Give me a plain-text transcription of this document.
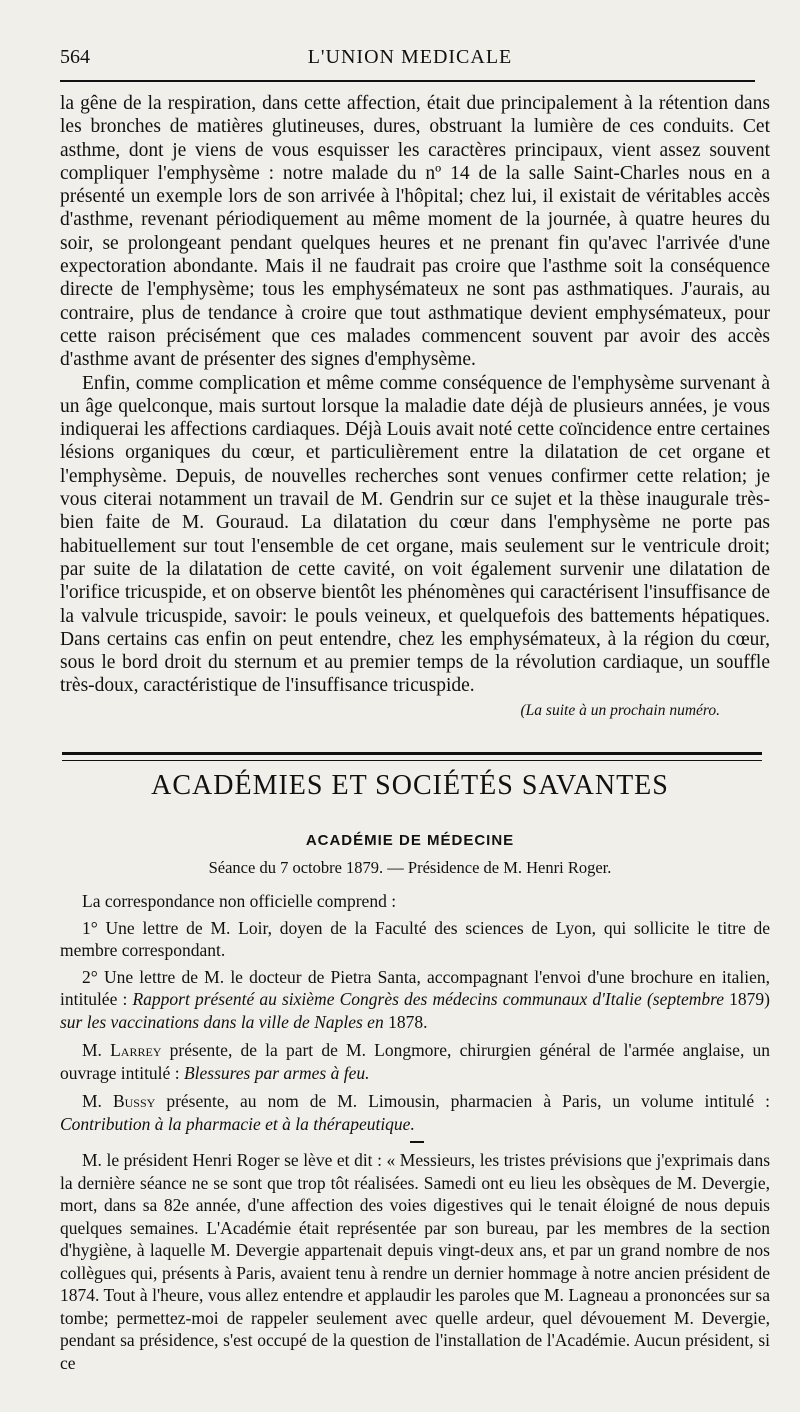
564	L'UNION MEDICALE

la gêne de la respiration, dans cette affection, était due principalement à la rétention dans les bronches de matières glutineuses, dures, obstruant la lumière de ces conduits. Cet asthme, dont je viens de vous esquisser les caractères principaux, vient assez souvent compliquer l'emphysème : notre malade du nº 14 de la salle Saint-Charles nous en a présenté un exemple lors de son arrivée à l'hôpital; chez lui, il existait de véritables accès d'asthme, revenant périodiquement au même moment de la journée, à quatre heures du soir, se prolongeant pendant quelques heures et ne prenant fin qu'avec l'arrivée d'une expectoration abondante. Mais il ne faudrait pas croire que l'asthme soit la conséquence directe de l'emphysème; tous les emphysémateux ne sont pas asthmatiques. J'aurais, au contraire, plus de tendance à croire que tout asthmatique devient emphysémateux, pour cette raison précisément que ces malades commencent souvent par avoir des accès d'asthme avant de présenter des signes d'emphysème.

Enfin, comme complication et même comme conséquence de l'emphysème survenant à un âge quelconque, mais surtout lorsque la maladie date déjà de plusieurs années, je vous indiquerai les affections cardiaques. Déjà Louis avait noté cette coïncidence entre certaines lésions organiques du cœur, et particulièrement entre la dilatation de cet organe et l'emphysème. Depuis, de nouvelles recherches sont venues confirmer cette relation; je vous citerai notamment un travail de M. Gendrin sur ce sujet et la thèse inaugurale très-bien faite de M. Gouraud. La dilatation du cœur dans l'emphysème ne porte pas habituellement sur tout l'ensemble de cet organe, mais seulement sur le ventricule droit; par suite de la dilatation de cette cavité, on voit également survenir une dilatation de l'orifice tricuspide, et on observe bientôt les phénomènes qui caractérisent l'insuffisance de la valvule tricuspide, savoir: le pouls veineux, et quelquefois des battements hépatiques. Dans certains cas enfin on peut entendre, chez les emphysémateux, à la région du cœur, sous le bord droit du sternum et au premier temps de la révolution cardiaque, un souffle très-doux, caractéristique de l'insuffisance tricuspide.

(La suite à un prochain numéro.
ACADÉMIES ET SOCIÉTÉS SAVANTES
ACADÉMIE DE MÉDECINE
Séance du 7 octobre 1879. — Présidence de M. Henri Roger.

La correspondance non officielle comprend :

1° Une lettre de M. Loir, doyen de la Faculté des sciences de Lyon, qui sollicite le titre de membre correspondant.

2° Une lettre de M. le docteur de Pietra Santa, accompagnant l'envoi d'une brochure en italien, intitulée : Rapport présenté au sixième Congrès des médecins communaux d'Italie (septembre 1879) sur les vaccinations dans la ville de Naples en 1878.

M. Larrey présente, de la part de M. Longmore, chirurgien général de l'armée anglaise, un ouvrage intitulé : Blessures par armes à feu.

M. Bussy présente, au nom de M. Limousin, pharmacien à Paris, un volume intitulé : Contribution à la pharmacie et à la thérapeutique.

M. le président Henri Roger se lève et dit : « Messieurs, les tristes prévisions que j'exprimais dans la dernière séance ne se sont que trop tôt réalisées. Samedi ont eu lieu les obsèques de M. Devergie, mort, dans sa 82e année, d'une affection des voies digestives qui le tenait éloigné de nous depuis quelques semaines. L'Académie était représentée par son bureau, par les membres de la section d'hygiène, à laquelle M. Devergie appartenait depuis vingt-deux ans, et par un grand nombre de nos collègues qui, présents à Paris, avaient tenu à rendre un dernier hommage à notre ancien président de 1874. Tout à l'heure, vous allez entendre et applaudir les paroles que M. Lagneau a prononcées sur sa tombe; permettez-moi de rappeler seulement avec quelle ardeur, quel dévouement M. Devergie, pendant sa présidence, s'est occupé de la question de l'installation de l'Académie. Aucun président, si ce
